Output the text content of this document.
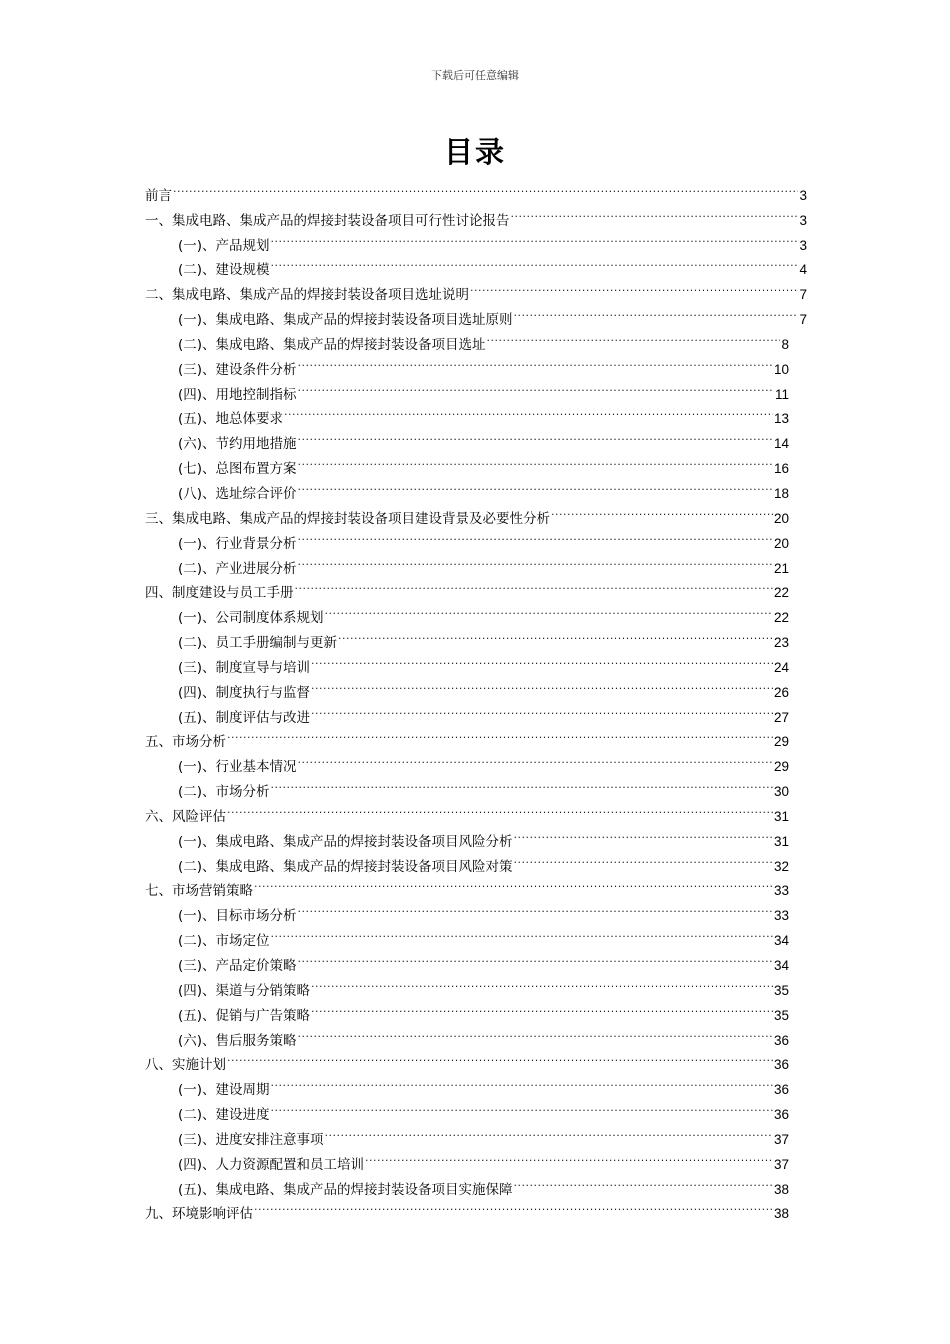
下载后可任意编辑
目录
前言 .....	3
一、集成电路、集成产品的焊接封装设备项目可行性讨论报告 .....	3
(一)、产品规划 .....	3
(二)、建设规模 .....	4
二、集成电路、集成产品的焊接封装设备项目选址说明 .....	7
(一)、集成电路、集成产品的焊接封装设备项目选址原则 .....	7
(二)、集成电路、集成产品的焊接封装设备项目选址 .....	8
(三)、建设条件分析 .....	10
(四)、用地控制指标 .....	11
(五)、地总体要求 .....	13
(六)、节约用地措施 .....	14
(七)、总图布置方案 .....	16
(八)、选址综合评价 .....	18
三、集成电路、集成产品的焊接封装设备项目建设背景及必要性分析 .....	20
(一)、行业背景分析 .....	20
(二)、产业进展分析 .....	21
四、制度建设与员工手册 .....	22
(一)、公司制度体系规划 .....	22
(二)、员工手册编制与更新 .....	23
(三)、制度宣导与培训 .....	24
(四)、制度执行与监督 .....	26
(五)、制度评估与改进 .....	27
五、市场分析 .....	29
(一)、行业基本情况 .....	29
(二)、市场分析 .....	30
六、风险评估 .....	31
(一)、集成电路、集成产品的焊接封装设备项目风险分析 .....	31
(二)、集成电路、集成产品的焊接封装设备项目风险对策 .....	32
七、市场营销策略 .....	33
(一)、目标市场分析 .....	33
(二)、市场定位 .....	34
(三)、产品定价策略 .....	34
(四)、渠道与分销策略 .....	35
(五)、促销与广告策略 .....	35
(六)、售后服务策略 .....	36
八、实施计划 .....	36
(一)、建设周期 .....	36
(二)、建设进度 .....	36
(三)、进度安排注意事项 .....	37
(四)、人力资源配置和员工培训 .....	37
(五)、集成电路、集成产品的焊接封装设备项目实施保障 .....	38
九、环境影响评估 .....	38
